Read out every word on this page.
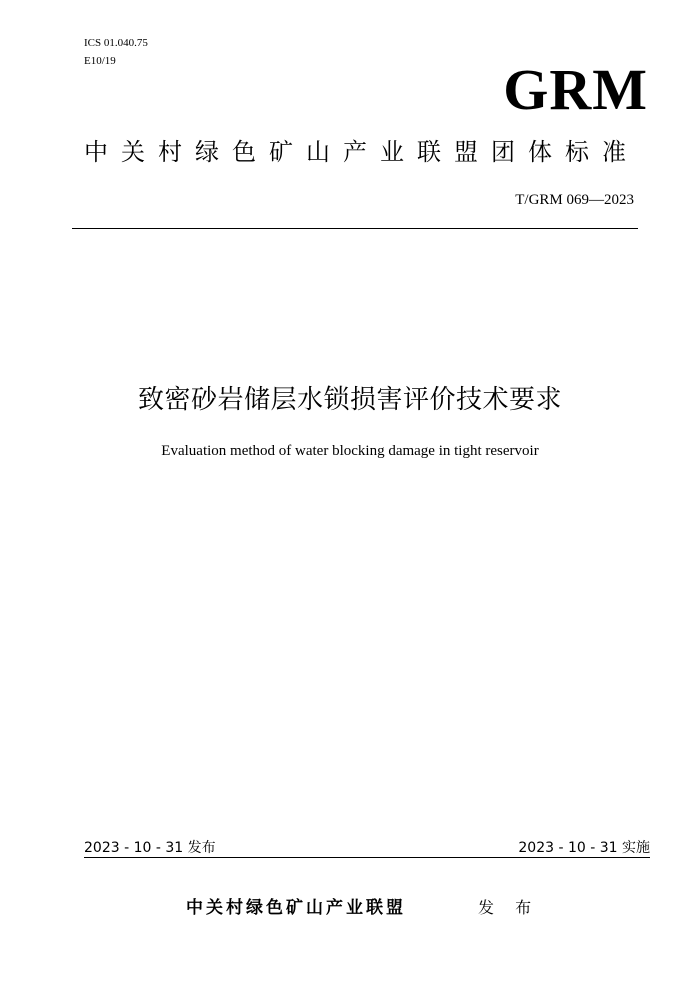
ICS 01.040.75
E10/19	GRM
中关村绿色矿山产业联盟团体标准
T/GRM 069—2023
致密砂岩储层水锁损害评价技术要求
Evaluation method of water blocking damage in tight reservoir
2023 - 10 - 31 发布	2023 - 10 - 31 实施
中关村绿色矿山产业联盟	发 布
